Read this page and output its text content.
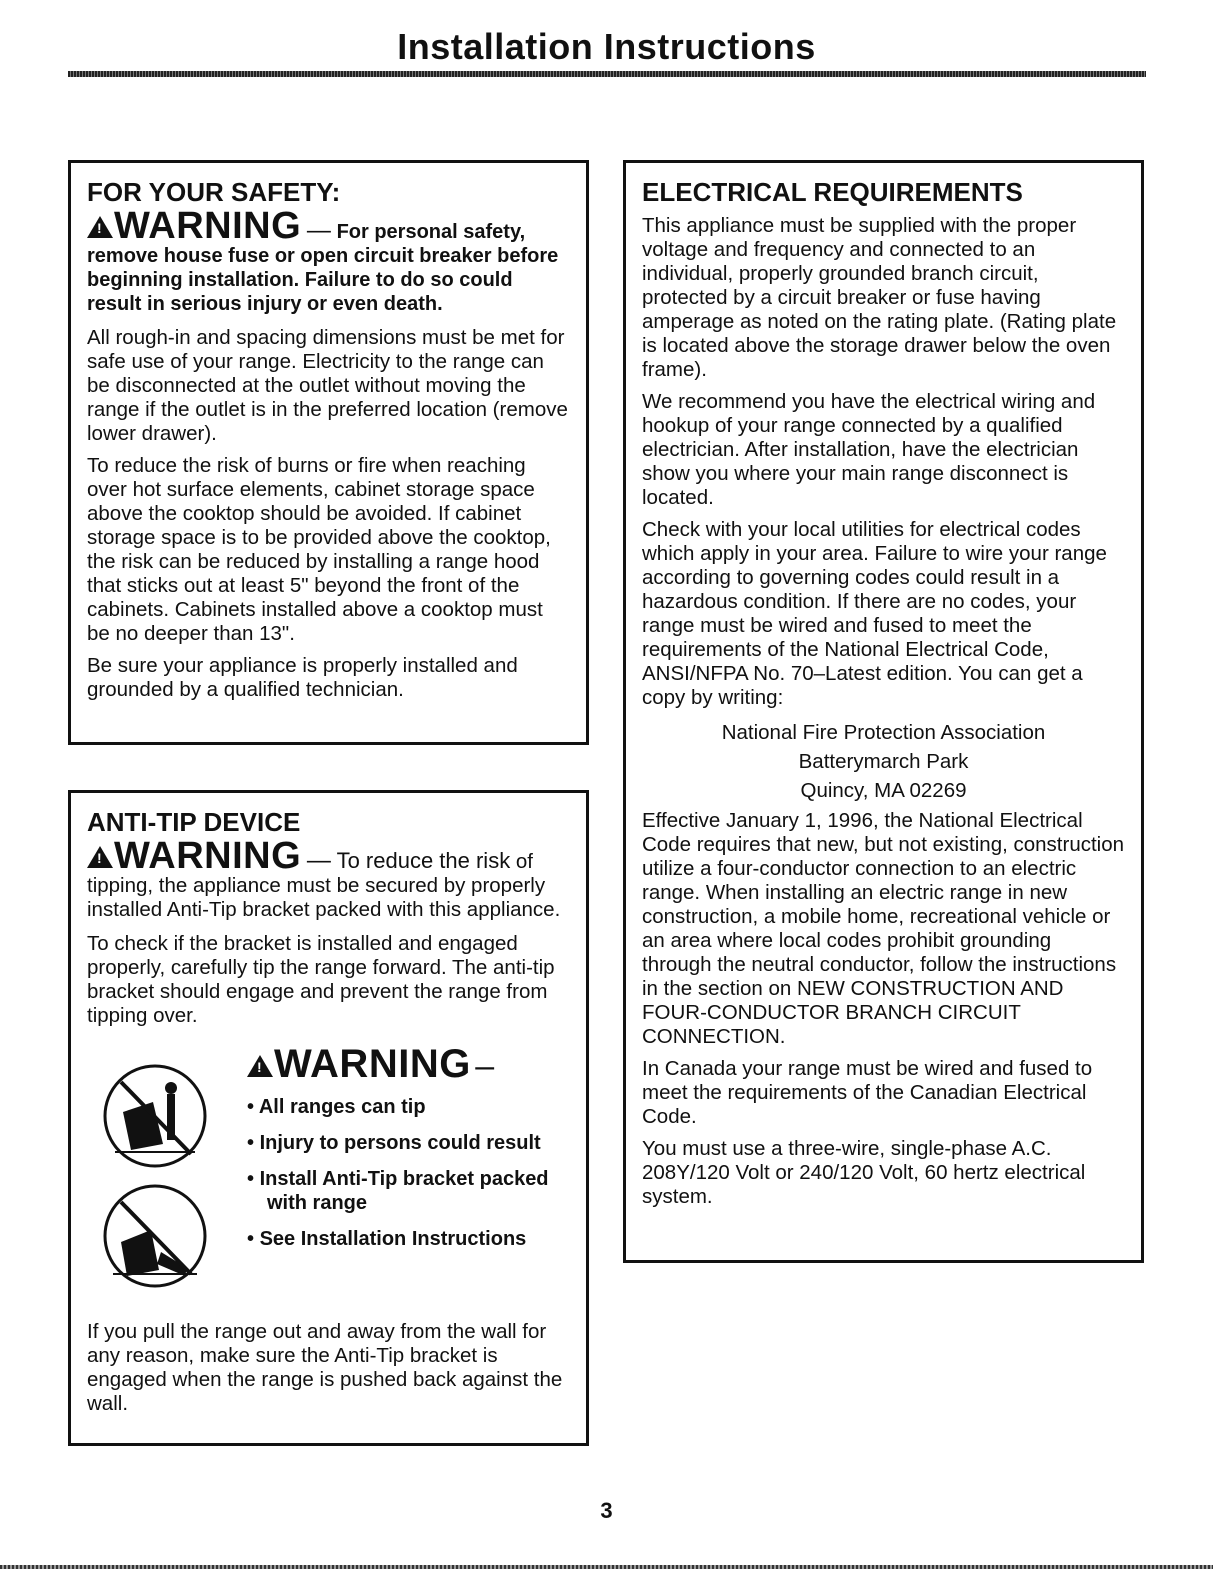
Installation Instructions
FOR YOUR SAFETY:
!WARNING — For personal safety, remove house fuse or open circuit breaker before beginning installation. Failure to do so could result in serious injury or even death.

All rough-in and spacing dimensions must be met for safe use of your range. Electricity to the range can be disconnected at the outlet without moving the range if the outlet is in the preferred location (remove lower drawer).

To reduce the risk of burns or fire when reaching over hot surface elements, cabinet storage space above the cooktop should be avoided. If cabinet storage space is to be provided above the cooktop, the risk can be reduced by installing a range hood that sticks out at least 5" beyond the front of the cabinets. Cabinets installed above a cooktop must be no deeper than 13".

Be sure your appliance is properly installed and grounded by a qualified technician.

ANTI-TIP DEVICE
!WARNING — To reduce the risk of tipping, the appliance must be secured by properly installed Anti-Tip bracket packed with this appliance.

To check if the bracket is installed and engaged properly, carefully tip the range forward. The anti-tip bracket should engage and prevent the range from tipping over.

!WARNING –
• All ranges can tip
• Injury to persons could result
• Install Anti-Tip bracket packed with range
• See Installation Instructions

If you pull the range out and away from the wall for any reason, make sure the Anti-Tip bracket is engaged when the range is pushed back against the wall.

ELECTRICAL REQUIREMENTS

This appliance must be supplied with the proper voltage and frequency and connected to an individual, properly grounded branch circuit, protected by a circuit breaker or fuse having amperage as noted on the rating plate. (Rating plate is located above the storage drawer below the oven frame).

We recommend you have the electrical wiring and hookup of your range connected by a qualified electrician. After installation, have the electrician show you where your main range disconnect is located.

Check with your local utilities for electrical codes which apply in your area. Failure to wire your range according to governing codes could result in a hazardous condition. If there are no codes, your range must be wired and fused to meet the requirements of the National Electrical Code, ANSI/NFPA No. 70–Latest edition. You can get a copy by writing:

National Fire Protection Association

Batterymarch Park

Quincy, MA 02269

Effective January 1, 1996, the National Electrical Code requires that new, but not existing, construction utilize a four-conductor connection to an electric range. When installing an electric range in new construction, a mobile home, recreational vehicle or an area where local codes prohibit grounding through the neutral conductor, follow the instructions in the section on NEW CONSTRUCTION AND FOUR-CONDUCTOR BRANCH CIRCUIT CONNECTION.

In Canada your range must be wired and fused to meet the requirements of the Canadian Electrical Code.

You must use a three-wire, single-phase A.C. 208Y/120 Volt or 240/120 Volt, 60 hertz electrical system.

3
